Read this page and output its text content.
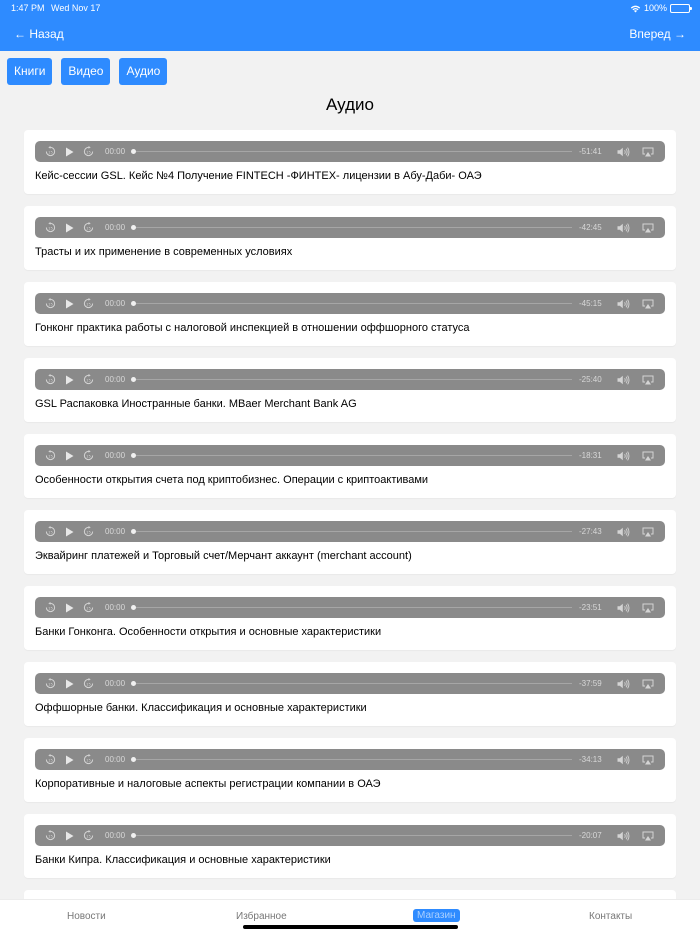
1:47 PM Wed Nov 17	100%
← Назад	Вперед →
Книги	Видео	Аудио
Аудио
15	15 00:00	-51:41
Кейс-сессии GSL. Кейс №4 Получение FINTECH -ФИНТЕХ- лицензии в Абу-Даби- ОАЭ
15	15 00:00	-42:45
Трасты и их применение в современных условиях
15	15 00:00	-45:15
Гонконг практика работы с налоговой инспекцией в отношении оффшорного статуса
15	15 00:00	-25:40
GSL Распаковка Иностранные банки. MBaer Merchant Bank AG
15	15 00:00	-18:31
Особенности открытия счета под криптобизнес. Операции с криптоактивами
15	15 00:00	-27:43
Эквайринг платежей и Торговый счет/Мерчант аккаунт (merchant account)
15	15 00:00	-23:51
Банки Гонконга. Особенности открытия и основные характеристики
15	15 00:00	-37:59
Оффшорные банки. Классификация и основные характеристики
15	15 00:00	-34:13
Корпоративные и налоговые аспекты регистрации компании в ОАЭ
15	15 00:00	-20:07
Банки Кипра. Классификация и основные характеристики
Новости	Избранное	Магазин	Контакты
